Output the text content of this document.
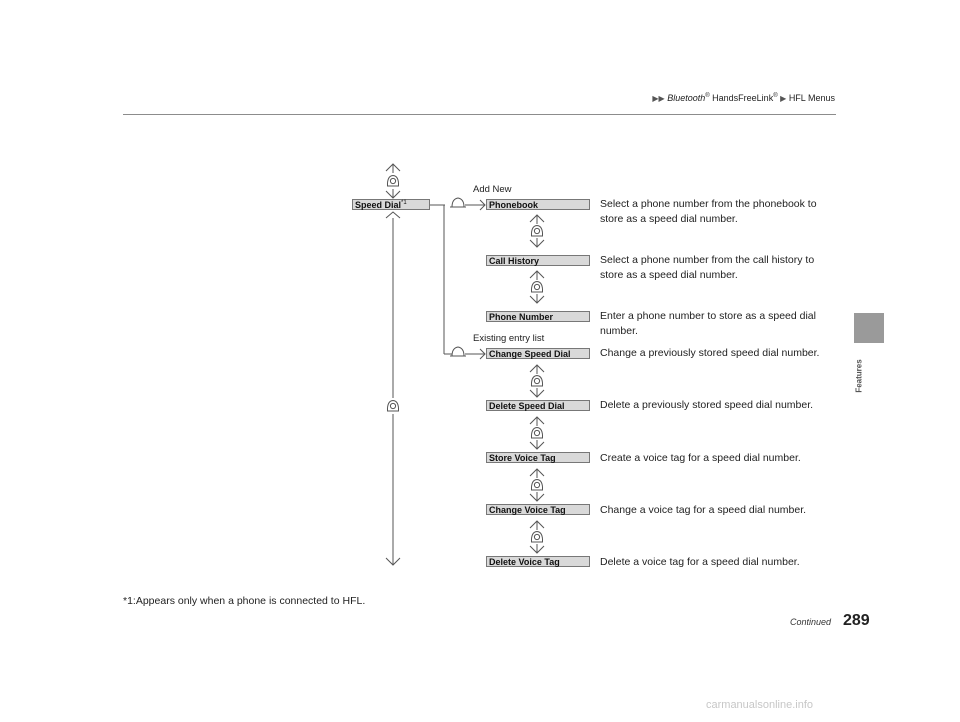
▶▶ Bluetooth® HandsFreeLink® ▶ HFL Menus
Features
Speed Dial$^{*1}$
Add New
Existing entry list
Phonebook
Call History
Phone Number
Change Speed Dial
Delete Speed Dial
Store Voice Tag
Change Voice Tag
Delete Voice Tag
Select a phone number from the phonebook to store as a speed dial number.
Select a phone number from the call history to store as a speed dial number.
Enter a phone number to store as a speed dial number.
Change a previously stored speed dial number.
Delete a previously stored speed dial number.
Create a voice tag for a speed dial number.
Change a voice tag for a speed dial number.
Delete a voice tag for a speed dial number.
*1:Appears only when a phone is connected to HFL.
Continued 289
carmanualsonline.info
